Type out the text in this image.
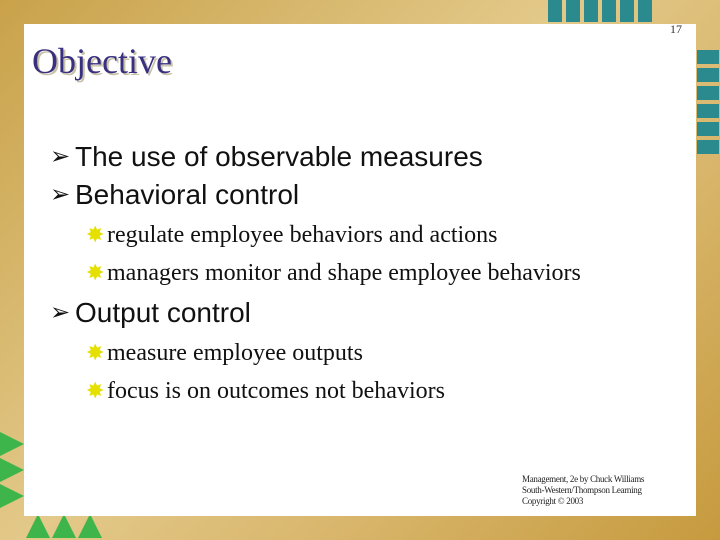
17
Objective
➢ The use of observable measures
➢ Behavioral control
✸ regulate employee behaviors and actions
✸ managers monitor and shape employee behaviors
➢ Output control
✸ measure employee outputs
✸ focus is on outcomes not behaviors
Management, 2e by Chuck Williams
South-Western/Thompson Learning
Copyright © 2003
